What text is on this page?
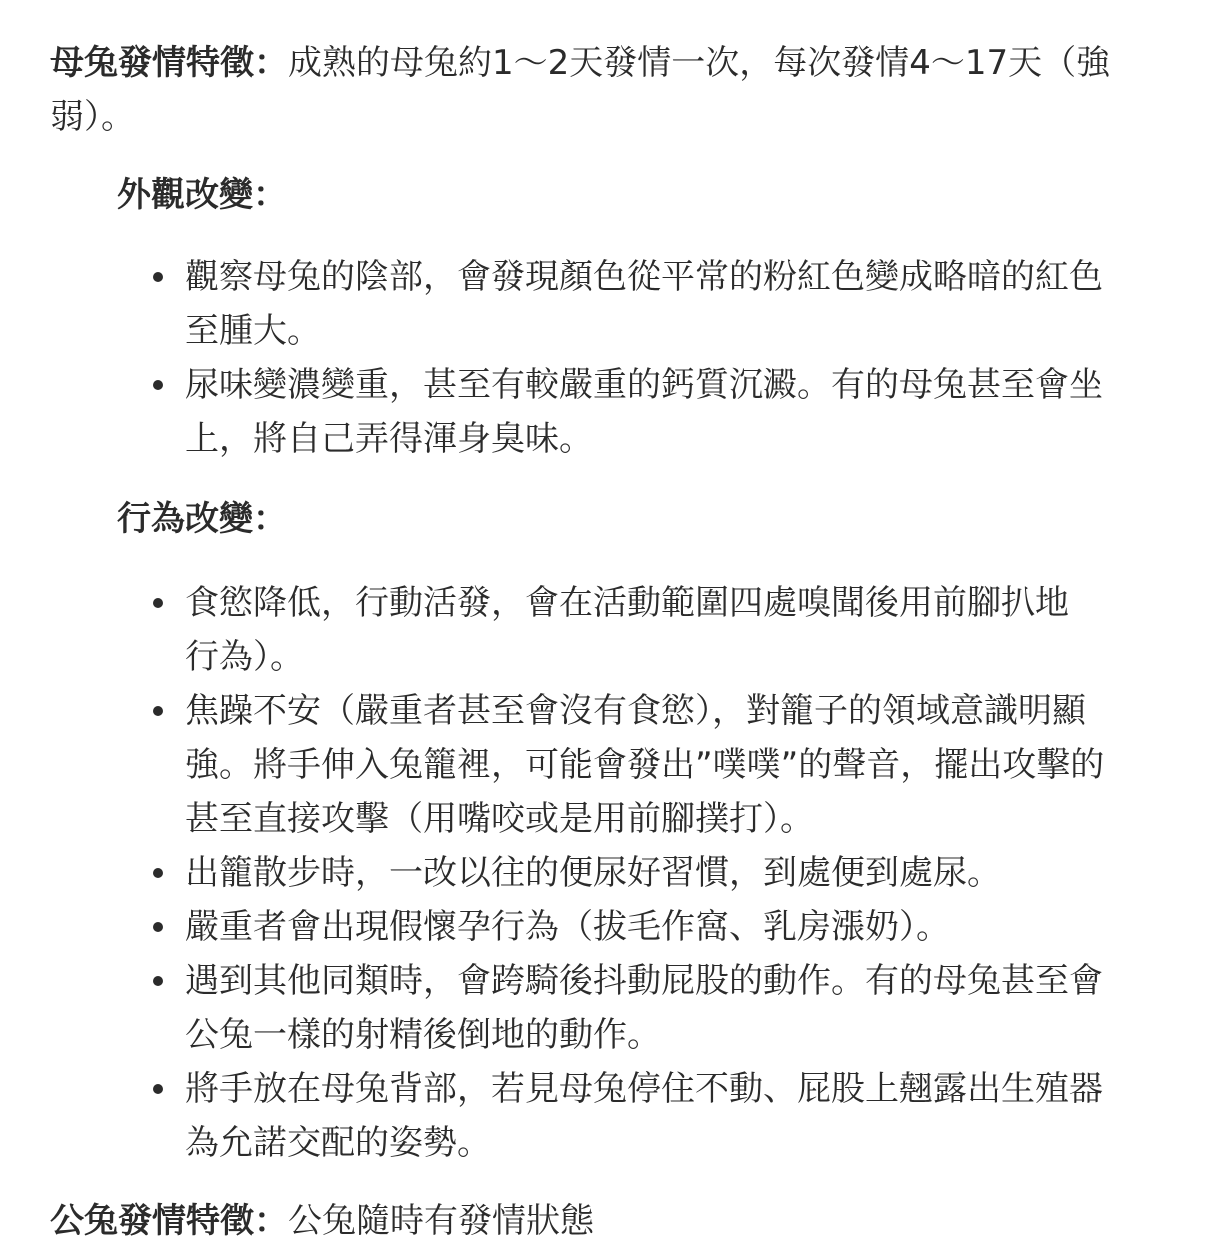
母兔發情特徵：成熟的母兔約1～2天發情一次，每次發情4～17天（強
弱）。
外觀改變：
觀察母兔的陰部，會發現顏色從平常的粉紅色變成略暗的紅色
至腫大。
尿味變濃變重，甚至有較嚴重的鈣質沉澱。有的母兔甚至會坐
上，將自己弄得渾身臭味。
行為改變：
食慾降低，行動活發，會在活動範圍四處嗅聞後用前腳扒地
行為）。
焦躁不安（嚴重者甚至會沒有食慾），對籠子的領域意識明顯
強。將手伸入兔籠裡，可能會發出”噗噗”的聲音，擺出攻擊的
甚至直接攻擊（用嘴咬或是用前腳撲打）。
出籠散步時，一改以往的便尿好習慣，到處便到處尿。
嚴重者會出現假懷孕行為（拔毛作窩、乳房漲奶）。
遇到其他同類時，會跨騎後抖動屁股的動作。有的母兔甚至會
公兔一樣的射精後倒地的動作。
將手放在母兔背部，若見母兔停住不動、屁股上翹露出生殖器
為允諾交配的姿勢。
公兔發情特徵：公兔隨時有發情狀態
